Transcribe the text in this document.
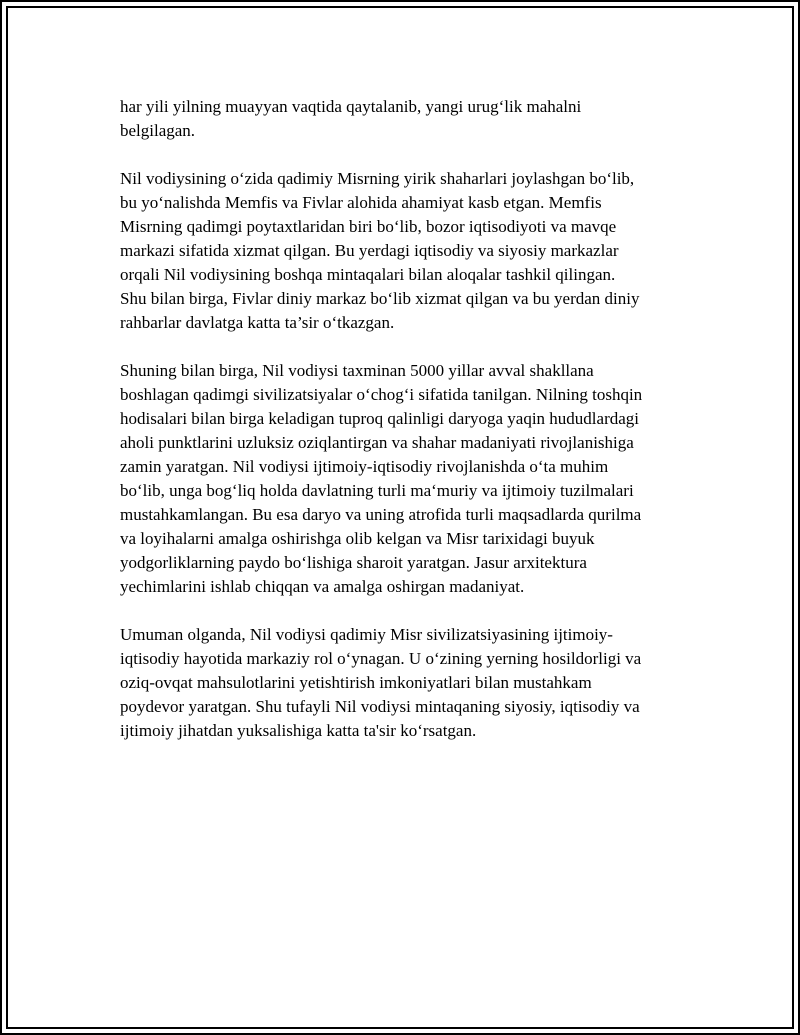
har yili yilning muayyan vaqtida qaytalanib, yangi urug‘lik mahalni
belgilagan.

Nil vodiysining o‘zida qadimiy Misrning yirik shaharlari joylashgan bo‘lib,
bu yo‘nalishda Memfis va Fivlar alohida ahamiyat kasb etgan. Memfis
Misrning qadimgi poytaxtlaridan biri bo‘lib, bozor iqtisodiyoti va mavqe
markazi sifatida xizmat qilgan. Bu yerdagi iqtisodiy va siyosiy markazlar
orqali Nil vodiysining boshqa mintaqalari bilan aloqalar tashkil qilingan.
Shu bilan birga, Fivlar diniy markaz bo‘lib xizmat qilgan va bu yerdan diniy
rahbarlar davlatga katta ta’sir o‘tkazgan.

Shuning bilan birga, Nil vodiysi taxminan 5000 yillar avval shakllana
boshlagan qadimgi sivilizatsiyalar o‘chog‘i sifatida tanilgan. Nilning toshqin
hodisalari bilan birga keladigan tuproq qalinligi daryoga yaqin hududlardagi
aholi punktlarini uzluksiz oziqlantirgan va shahar madaniyati rivojlanishiga
zamin yaratgan. Nil vodiysi ijtimoiy-iqtisodiy rivojlanishda o‘ta muhim
bo‘lib, unga bog‘liq holda davlatning turli ma‘muriy va ijtimoiy tuzilmalari
mustahkamlangan. Bu esa daryo va uning atrofida turli maqsadlarda qurilma
va loyihalarni amalga oshirishga olib kelgan va Misr tarixidagi buyuk
yodgorliklarning paydo bo‘lishiga sharoit yaratgan. Jasur arxitektura
yechimlarini ishlab chiqqan va amalga oshirgan madaniyat.

Umuman olganda, Nil vodiysi qadimiy Misr sivilizatsiyasining ijtimoiy-
iqtisodiy hayotida markaziy rol o‘ynagan. U o‘zining yerning hosildorligi va
oziq-ovqat mahsulotlarini yetishtirish imkoniyatlari bilan mustahkam
poydevor yaratgan. Shu tufayli Nil vodiysi mintaqaning siyosiy, iqtisodiy va
ijtimoiy jihatdan yuksalishiga katta ta'sir ko‘rsatgan.
